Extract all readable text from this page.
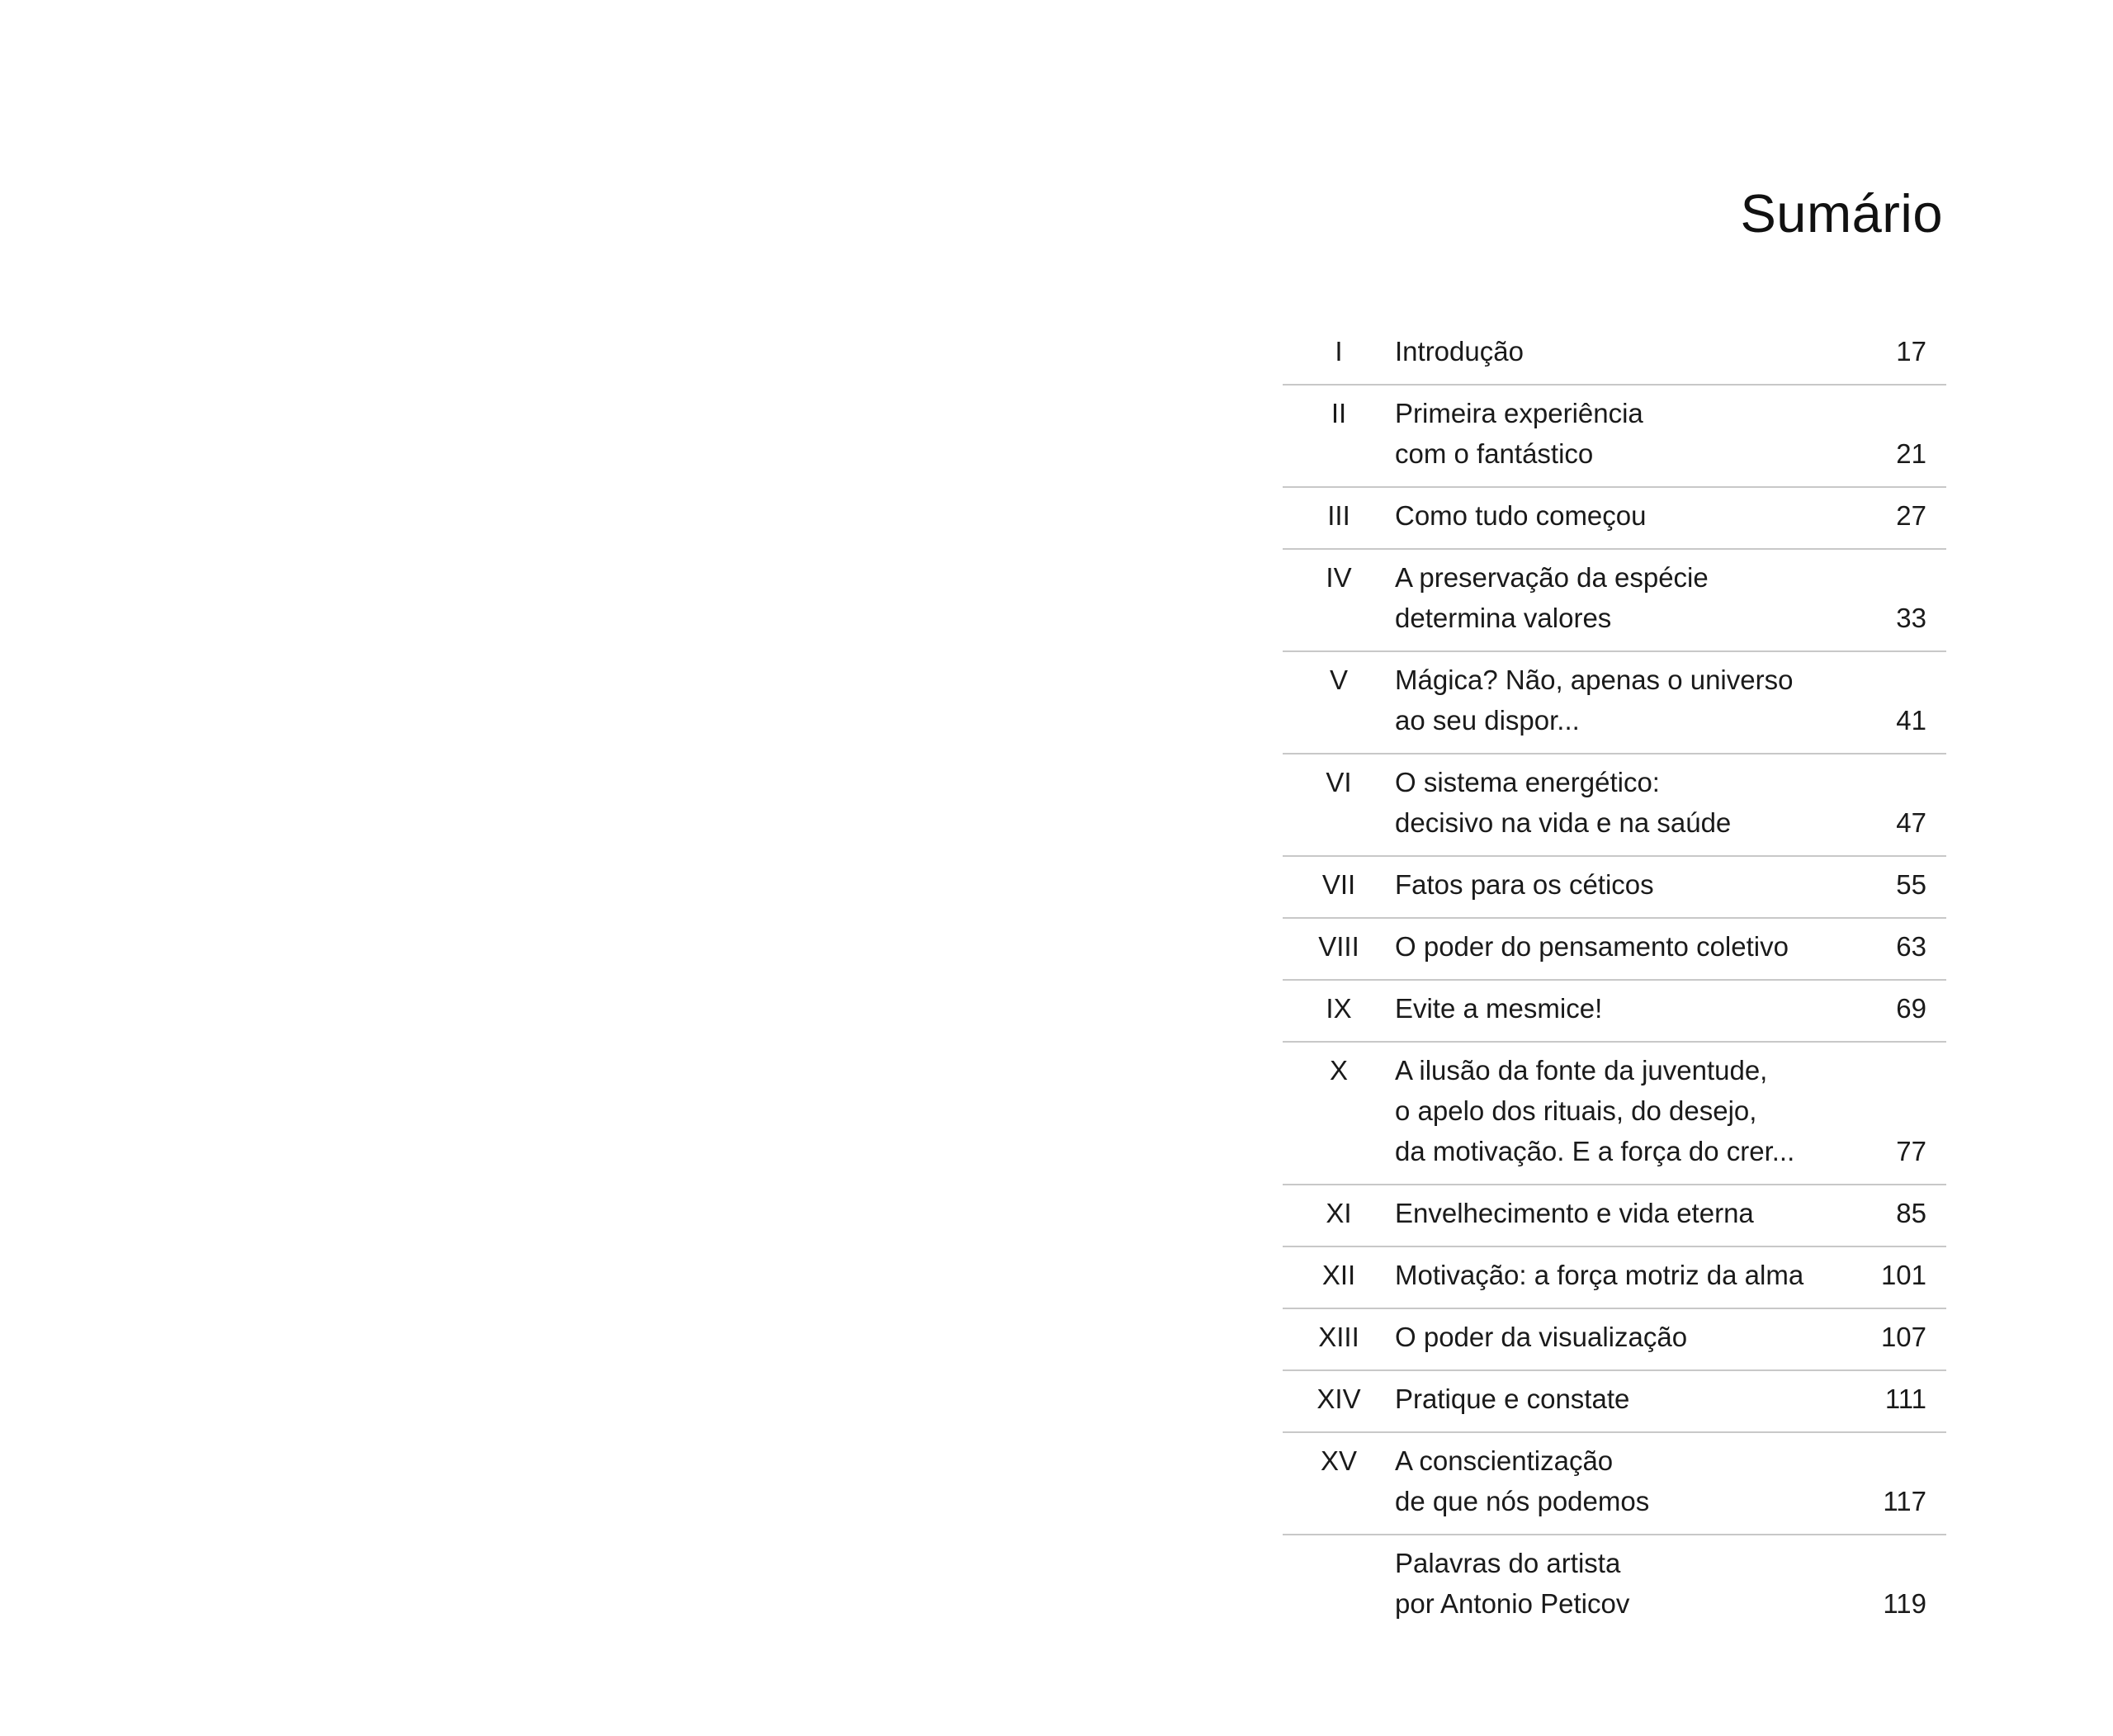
Sumário
I	Introdução	17
II	Primeira experiência
com o fantástico	21
III	Como tudo começou	27
IV	A preservação da espécie
determina valores	33
V	Mágica? Não, apenas o universo
ao seu dispor...	41
VI	O sistema energético:
decisivo na vida e na saúde	47
VII	Fatos para os céticos	55
VIII	O poder do pensamento coletivo	63
IX	Evite a mesmice!	69
X	A ilusão da fonte da juventude,
o apelo dos rituais, do desejo,
da motivação. E a força do crer...	77
XI	Envelhecimento e vida eterna	85
XII	Motivação: a força motriz da alma	101
XIII	O poder da visualização	107
XIV	Pratique e constate	111
XV	A conscientização
de que nós podemos	117
Palavras do artista
por Antonio Peticov	119
